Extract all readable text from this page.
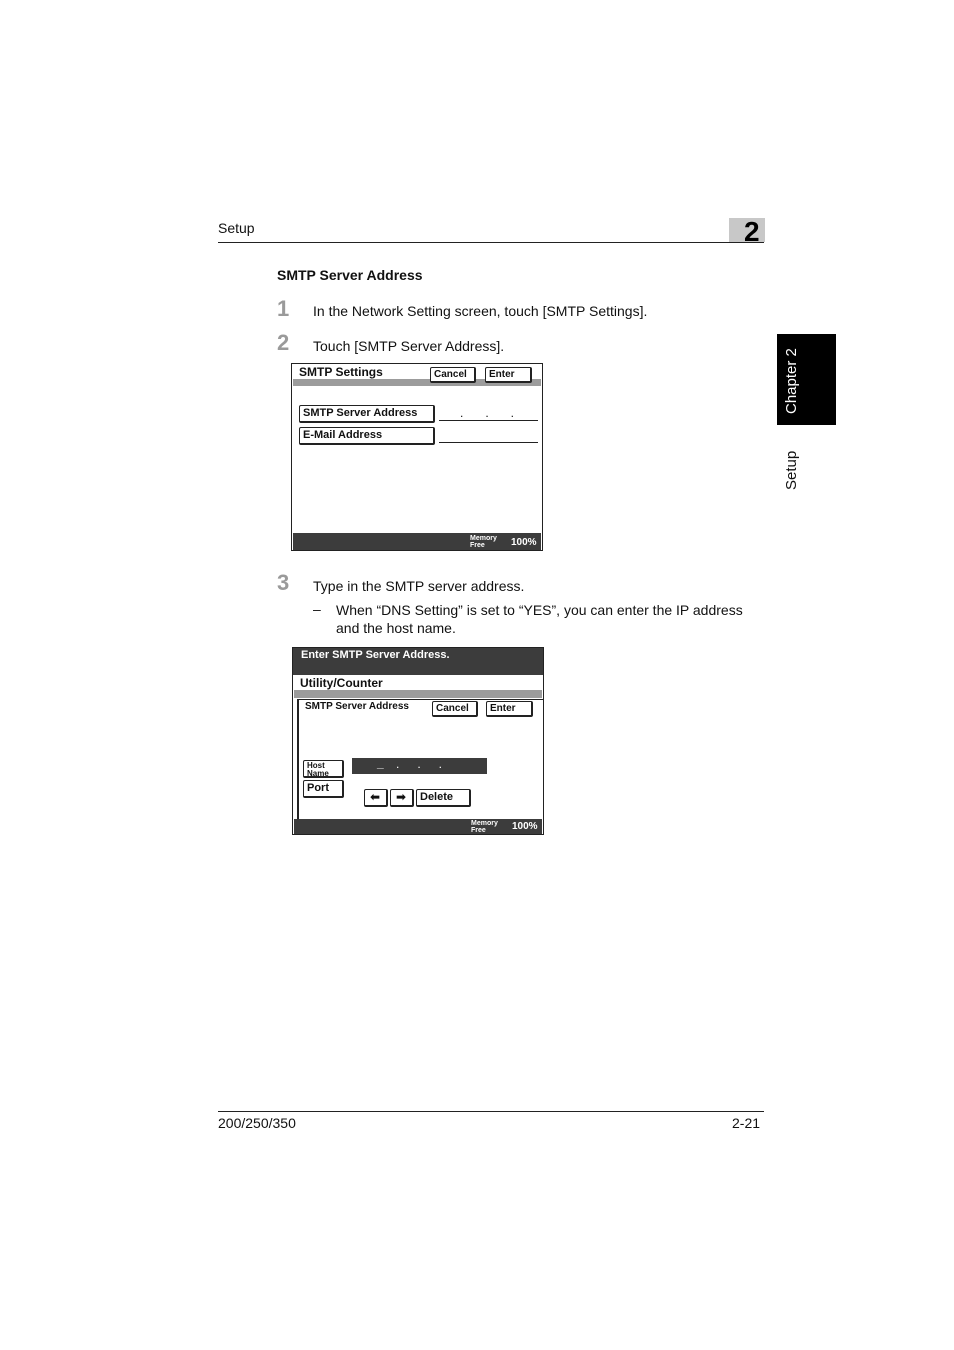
Setup	2
Chapter 2
Setup
SMTP Server Address
1 In the Network Setting screen, touch [SMTP Settings].
2 Touch [SMTP Server Address].
SMTP Settings	Cancel	Enter
SMTP Server Address	...
E-Mail Address
Memory
Free	100%
3 Type in the SMTP server address.
– When “DNS Setting” is set to “YES”, you can enter the IP address and the host name.
Enter SMTP Server Address.
Utility/Counter
SMTP Server Address	Cancel	Enter
Host
Name
Port
_ ...
⬅	➡	Delete
Memory
Free	100%
200/250/350	2-21
